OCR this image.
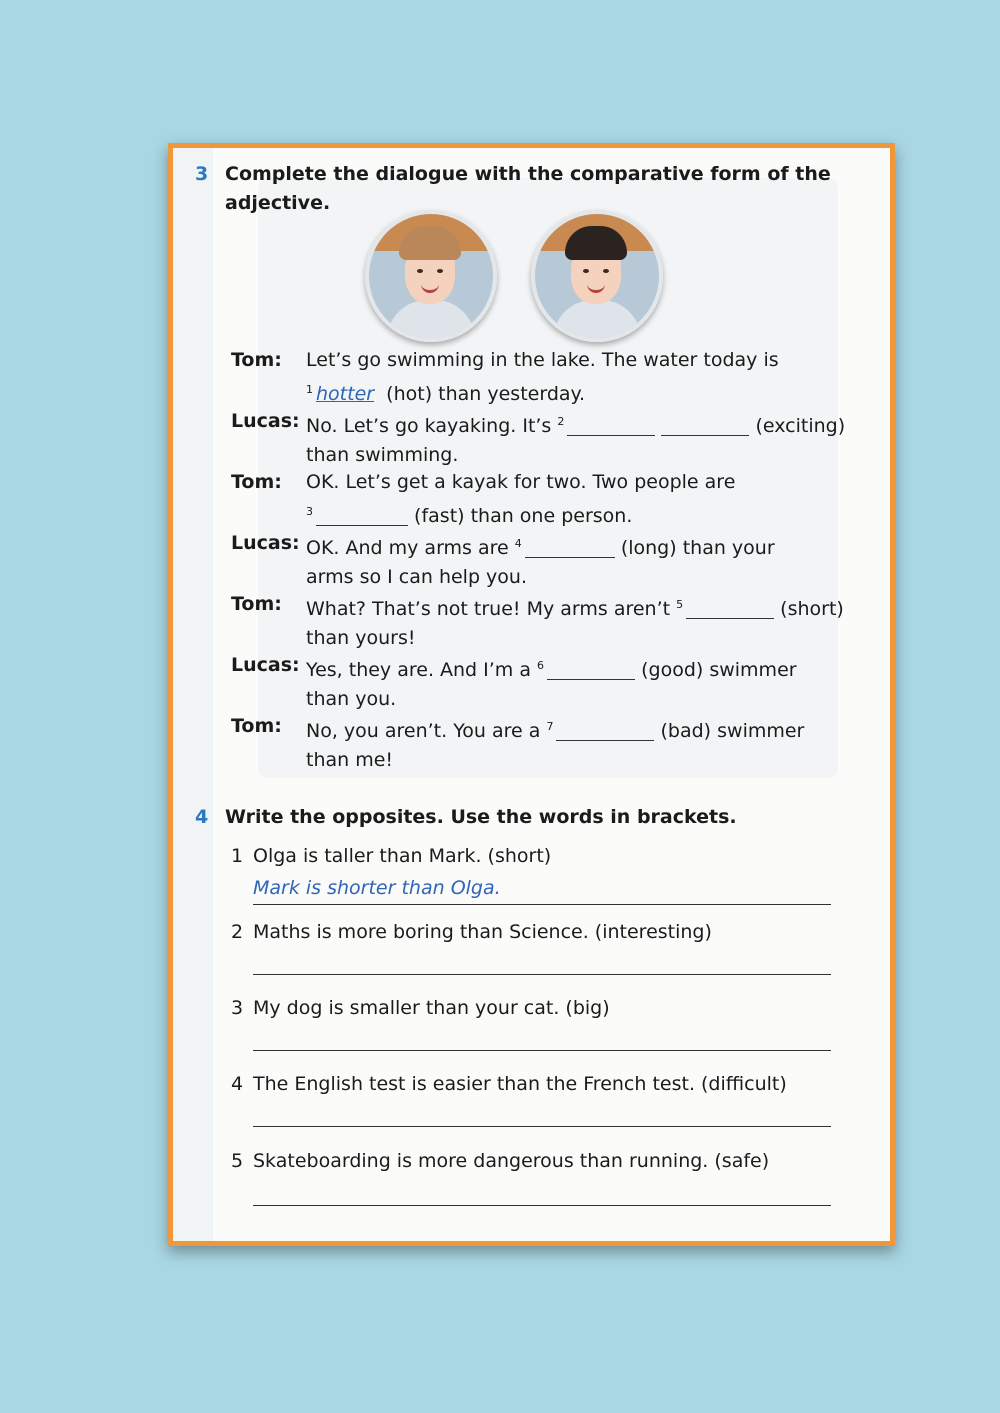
3 Complete the dialogue with the comparative form of the adjective.
Tom: Let’s go swimming in the lake. The water today is
$^1$ hotter (hot) than yesterday.
Lucas: No. Let’s go kayaking. It’s $^2$	(exciting)
than swimming.
Tom: OK. Let’s get a kayak for two. Two people are
$^3$	(fast) than one person.
Lucas: OK. And my arms are $^4$	(long) than your
arms so I can help you.
Tom: What? That’s not true! My arms aren’t $^5$	(short)
than yours!
Lucas: Yes, they are. And I’m a $^6$	(good) swimmer
than you.
Tom: No, you aren’t. You are a $^7$	(bad) swimmer
than me!
4 Write the opposites. Use the words in brackets.
1 Olga is taller than Mark. (short)
Mark is shorter than Olga.
2 Maths is more boring than Science. (interesting)
3 My dog is smaller than your cat. (big)
4 The English test is easier than the French test. (difficult)
5 Skateboarding is more dangerous than running. (safe)
